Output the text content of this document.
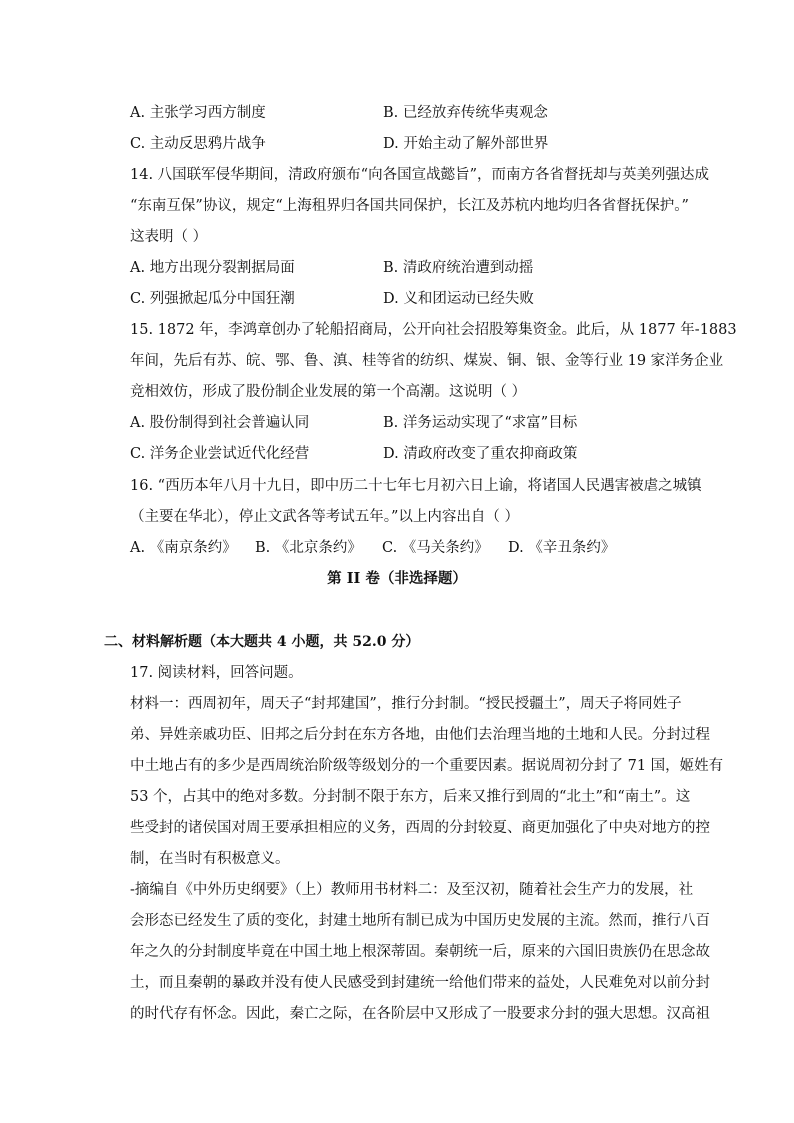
A. 主张学习西方制度	B. 已经放弃传统华夷观念
C. 主动反思鸦片战争	D. 开始主动了解外部世界
14. 八国联军侵华期间，清政府颁布“向各国宣战懿旨”，而南方各省督抚却与英美列强达成
“东南互保”协议，规定“上海租界归各国共同保护，长江及苏杭内地均归各省督抚保护。”
这表明（ ）
A. 地方出现分裂割据局面	B. 清政府统治遭到动摇
C. 列强掀起瓜分中国狂潮	D. 义和团运动已经失败
15. 1872 年，李鸿章创办了轮船招商局，公开向社会招股筹集资金。此后，从 1877 年-1883
年间，先后有苏、皖、鄂、鲁、滇、桂等省的纺织、煤炭、铜、银、金等行业 19 家洋务企业
竞相效仿，形成了股份制企业发展的第一个高潮。这说明（ ）
A. 股份制得到社会普遍认同	B. 洋务运动实现了“求富”目标
C. 洋务企业尝试近代化经营	D. 清政府改变了重农抑商政策
16. “西历本年八月十九日，即中历二十七年七月初六日上谕，将诸国人民遇害被虐之城镇
（主要在华北），停止文武各等考试五年。”以上内容出自（ ）
A. 《南京条约》 B. 《北京条约》 C. 《马关条约》 D. 《辛丑条约》
第 II 卷（非选择题）
二、材料解析题（本大题共 4 小题，共 52.0 分）
17. 阅读材料，回答问题。
材料一：西周初年，周天子“封邦建国”，推行分封制。“授民授疆土”，周天子将同姓子
弟、异姓亲戚功臣、旧邦之后分封在东方各地，由他们去治理当地的土地和人民。分封过程
中土地占有的多少是西周统治阶级等级划分的一个重要因素。据说周初分封了 71 国，姬姓有
53 个，占其中的绝对多数。分封制不限于东方，后来又推行到周的“北土”和“南土”。这
些受封的诸侯国对周王要承担相应的义务，西周的分封较夏、商更加强化了中央对地方的控
制，在当时有积极意义。
-摘编自《中外历史纲要》（上）教师用书材料二：及至汉初，随着社会生产力的发展，社
会形态已经发生了质的变化，封建土地所有制已成为中国历史发展的主流。然而，推行八百
年之久的分封制度毕竟在中国土地上根深蒂固。秦朝统一后，原来的六国旧贵族仍在思念故
土，而且秦朝的暴政并没有使人民感受到封建统一给他们带来的益处，人民难免对以前分封
的时代存有怀念。因此，秦亡之际，在各阶层中又形成了一股要求分封的强大思想。汉高祖
